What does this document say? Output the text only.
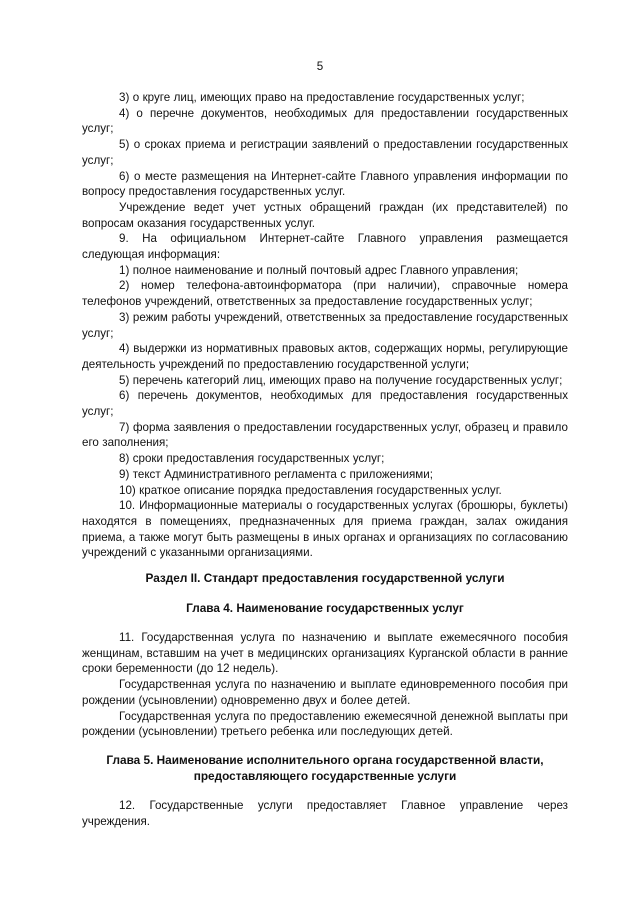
5

3) о круге лиц, имеющих право на предоставление государственных услуг;

4) о перечне документов, необходимых для предоставлении государственных услуг;

5) о сроках приема и регистрации заявлений о предоставлении государственных услуг;

6) о месте размещения на Интернет-сайте Главного управления информации по вопросу предоставления государственных услуг.

Учреждение ведет учет устных обращений граждан (их представителей) по вопросам оказания государственных услуг.

9. На официальном Интернет-сайте Главного управления размещается следующая информация:

1) полное наименование и полный почтовый адрес Главного управления;

2) номер телефона-автоинформатора (при наличии), справочные номера телефонов учреждений, ответственных за предоставление государственных услуг;

3) режим работы учреждений, ответственных за предоставление государственных услуг;

4) выдержки из нормативных правовых актов, содержащих нормы, регулирующие деятельность учреждений по предоставлению государственной услуги;

5) перечень категорий лиц, имеющих право на получение государственных услуг;

6) перечень документов, необходимых для предоставления государственных услуг;

7) форма заявления о предоставлении государственных услуг, образец и правило его заполнения;

8) сроки предоставления государственных услуг;

9) текст Административного регламента с приложениями;

10) краткое описание порядка предоставления государственных услуг.

10. Информационные материалы о государственных услугах (брошюры, буклеты) находятся в помещениях, предназначенных для приема граждан, залах ожидания приема, а также могут быть размещены в иных органах и организациях по согласованию учреждений с указанными организациями.

Раздел II. Стандарт предоставления государственной услуги

Глава 4. Наименование государственных услуг

11. Государственная услуга по назначению и выплате ежемесячного пособия женщинам, вставшим на учет в медицинских организациях Курганской области в ранние сроки беременности (до 12 недель).

Государственная услуга по назначению и выплате единовременного пособия при рождении (усыновлении) одновременно двух и более детей.

Государственная услуга по предоставлению ежемесячной денежной выплаты при рождении (усыновлении) третьего ребенка или последующих детей.

Глава 5. Наименование исполнительного органа государственной власти,

предоставляющего государственные услуги

12. Государственные услуги предоставляет Главное управление через учреждения.
